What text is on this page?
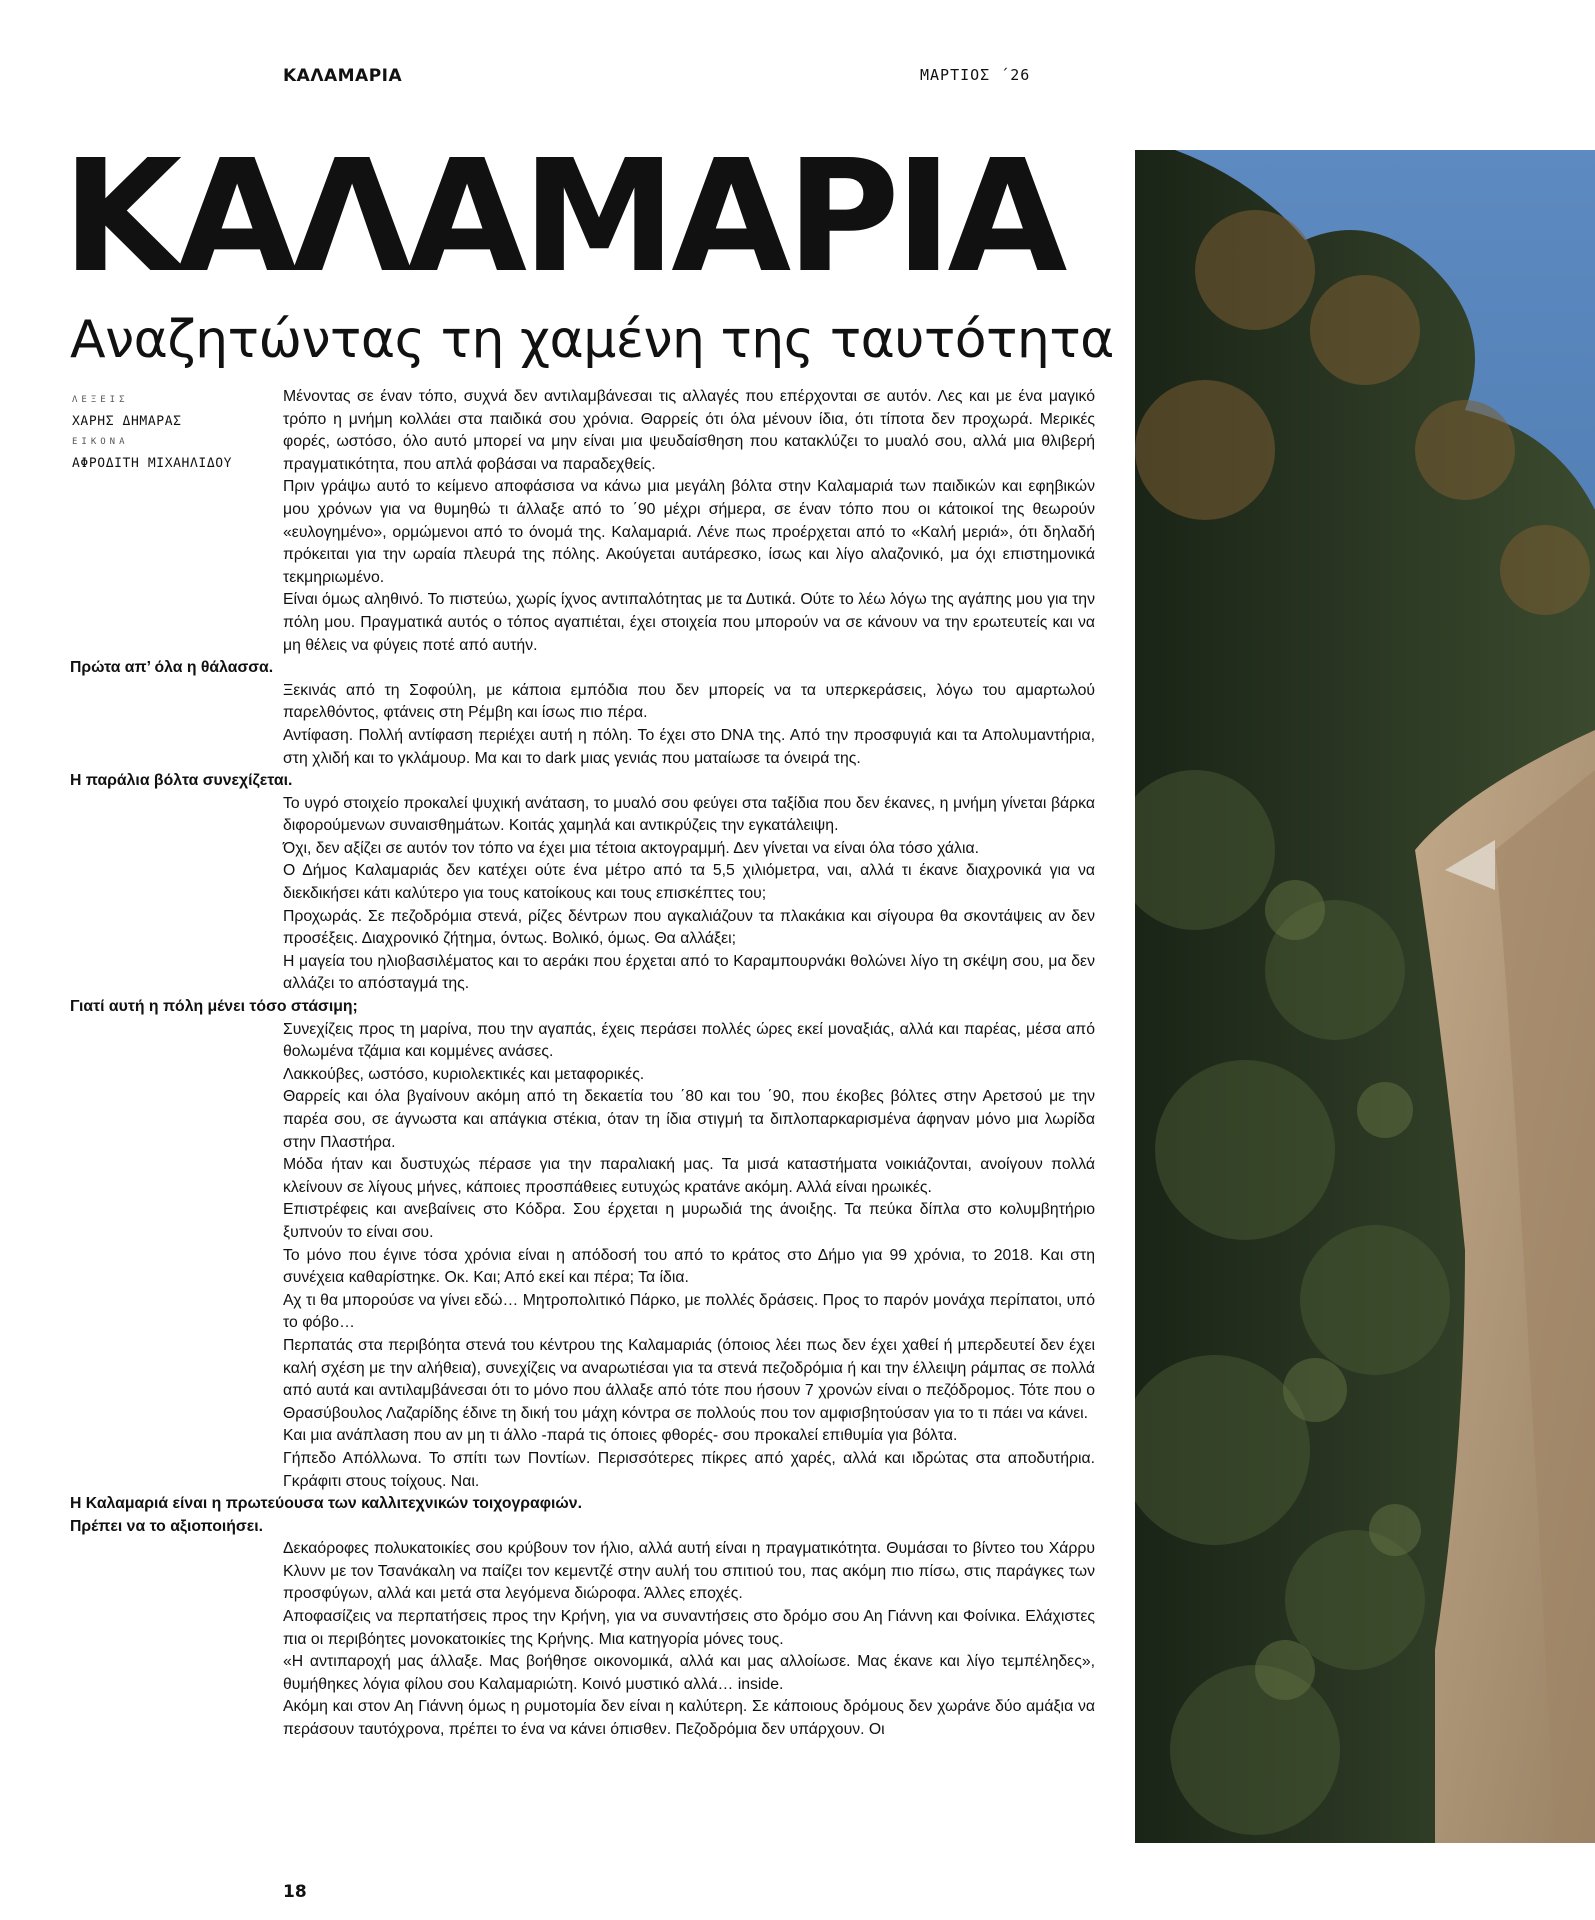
ΚΑΛΑΜΑΡΙΑ	ΜΑΡΤΙΟΣ ΄26
ΚΑΛΑΜΑΡΙΑ
Αναζητώντας τη χαμένη της ταυτότητα
ΛΕΞΕΙΣ
ΧΑΡΗΣ ΔΗΜΑΡΑΣ
ΕΙΚΟΝΑ
ΑΦΡΟΔΙΤΗ ΜΙΧΑΗΛΙΔΟΥ

Μένοντας σε έναν τόπο, συχνά δεν αντιλαμβάνεσαι τις αλλαγές που επέρχονται σε αυτόν. Λες και με ένα μαγικό τρόπο η μνήμη κολλάει στα παιδικά σου χρόνια. Θαρρείς ότι όλα μένουν ίδια, ότι τίποτα δεν προχωρά. Μερικές φορές, ωστόσο, όλο αυτό μπορεί να μην είναι μια ψευδαίσθηση που κατακλύζει το μυαλό σου, αλλά μια θλιβερή πραγματικότητα, που απλά φοβάσαι να παραδεχθείς.

Πριν γράψω αυτό το κείμενο αποφάσισα να κάνω μια μεγάλη βόλτα στην Καλαμαριά των παιδικών και εφηβικών μου χρόνων για να θυμηθώ τι άλλαξε από το ΄90 μέχρι σήμερα, σε έναν τόπο που οι κάτοικοί της θεωρούν «ευλογημένο», ορμώμενοι από το όνομά της. Καλαμαριά. Λένε πως προέρχεται από το «Καλή μεριά», ότι δηλαδή πρόκειται για την ωραία πλευρά της πόλης. Ακούγεται αυτάρεσκο, ίσως και λίγο αλαζονικό, μα όχι επιστημονικά τεκμηριωμένο.

Είναι όμως αληθινό. Το πιστεύω, χωρίς ίχνος αντιπαλότητας με τα Δυτικά. Ούτε το λέω λόγω της αγάπης μου για την πόλη μου. Πραγματικά αυτός ο τόπος αγαπιέται, έχει στοιχεία που μπορούν να σε κάνουν να την ερωτευτείς και να μη θέλεις να φύγεις ποτέ από αυτήν.

Πρώτα απ’ όλα η θάλασσα.

Ξεκινάς από τη Σοφούλη, με κάποια εμπόδια που δεν μπορείς να τα υπερκεράσεις, λόγω του αμαρτωλού παρελθόντος, φτάνεις στη Ρέμβη και ίσως πιο πέρα.

Αντίφαση. Πολλή αντίφαση περιέχει αυτή η πόλη. Το έχει στο DNA της. Από την προσφυγιά και τα Απολυμαντήρια, στη χλιδή και το γκλάμουρ. Μα και το dark μιας γενιάς που ματαίωσε τα όνειρά της.

Η παράλια βόλτα συνεχίζεται.

Το υγρό στοιχείο προκαλεί ψυχική ανάταση, το μυαλό σου φεύγει στα ταξίδια που δεν έκανες, η μνήμη γίνεται βάρκα διφορούμενων συναισθημάτων. Κοιτάς χαμηλά και αντικρύζεις την εγκατάλειψη.

Όχι, δεν αξίζει σε αυτόν τον τόπο να έχει μια τέτοια ακτογραμμή. Δεν γίνεται να είναι όλα τόσο χάλια.

Ο Δήμος Καλαμαριάς δεν κατέχει ούτε ένα μέτρο από τα 5,5 χιλιόμετρα, ναι, αλλά τι έκανε διαχρονικά για να διεκδικήσει κάτι καλύτερο για τους κατοίκους και τους επισκέπτες του;

Προχωράς. Σε πεζοδρόμια στενά, ρίζες δέντρων που αγκαλιάζουν τα πλακάκια και σίγουρα θα σκοντάψεις αν δεν προσέξεις. Διαχρονικό ζήτημα, όντως. Βολικό, όμως. Θα αλλάξει;

Η μαγεία του ηλιοβασιλέματος και το αεράκι που έρχεται από το Καραμπουρνάκι θολώνει λίγο τη σκέψη σου, μα δεν αλλάζει το απόσταγμά της.

Γιατί αυτή η πόλη μένει τόσο στάσιμη;

Συνεχίζεις προς τη μαρίνα, που την αγαπάς, έχεις περάσει πολλές ώρες εκεί μοναξιάς, αλλά και παρέας, μέσα από θολωμένα τζάμια και κομμένες ανάσες.

Λακκούβες, ωστόσο, κυριολεκτικές και μεταφορικές.

Θαρρείς και όλα βγαίνουν ακόμη από τη δεκαετία του ΄80 και του ΄90, που έκοβες βόλτες στην Αρετσού με την παρέα σου, σε άγνωστα και απάγκια στέκια, όταν τη ίδια στιγμή τα διπλοπαρκαρισμένα άφηναν μόνο μια λωρίδα στην Πλαστήρα.

Μόδα ήταν και δυστυχώς πέρασε για την παραλιακή μας. Τα μισά καταστήματα νοικιάζονται, ανοίγουν πολλά κλείνουν σε λίγους μήνες, κάποιες προσπάθειες ευτυχώς κρατάνε ακόμη. Αλλά είναι ηρωικές.

Επιστρέφεις και ανεβαίνεις στο Κόδρα. Σου έρχεται η μυρωδιά της άνοιξης. Τα πεύκα δίπλα στο κολυμβητήριο ξυπνούν το είναι σου.

Το μόνο που έγινε τόσα χρόνια είναι η απόδοσή του από το κράτος στο Δήμο για 99 χρόνια, το 2018. Και στη συνέχεια καθαρίστηκε. Οκ. Και; Από εκεί και πέρα; Τα ίδια.

Αχ τι θα μπορούσε να γίνει εδώ… Μητροπολιτικό Πάρκο, με πολλές δράσεις. Προς το παρόν μονάχα περίπατοι, υπό το φόβο…

Περπατάς στα περιβόητα στενά του κέντρου της Καλαμαριάς (όποιος λέει πως δεν έχει χαθεί ή μπερδευτεί δεν έχει καλή σχέση με την αλήθεια), συνεχίζεις να αναρωτιέσαι για τα στενά πεζοδρόμια ή και την έλλειψη ράμπας σε πολλά από αυτά και αντιλαμβάνεσαι ότι το μόνο που άλλαξε από τότε που ήσουν 7 χρονών είναι ο πεζόδρομος. Τότε που ο Θρασύβουλος Λαζαρίδης έδινε τη δική του μάχη κόντρα σε πολλούς που τον αμφισβητούσαν για το τι πάει να κάνει.

Και μια ανάπλαση που αν μη τι άλλο -παρά τις όποιες φθορές- σου προκαλεί επιθυμία για βόλτα.

Γήπεδο Απόλλωνα. Το σπίτι των Ποντίων. Περισσότερες πίκρες από χαρές, αλλά και ιδρώτας στα αποδυτήρια. Γκράφιτι στους τοίχους. Ναι.

Η Καλαμαριά είναι η πρωτεύουσα των καλλιτεχνικών τοιχογραφιών.
Πρέπει να το αξιοποιήσει.

Δεκαόροφες πολυκατοικίες σου κρύβουν τον ήλιο, αλλά αυτή είναι η πραγματικότητα. Θυμάσαι το βίντεο του Χάρρυ Κλυνν με τον Τσανάκαλη να παίζει τον κεμεντζέ στην αυλή του σπιτιού του, πας ακόμη πιο πίσω, στις παράγκες των προσφύγων, αλλά και μετά στα λεγόμενα διώροφα. Άλλες εποχές.

Αποφασίζεις να περπατήσεις προς την Κρήνη, για να συναντήσεις στο δρόμο σου Αη Γιάννη και Φοίνικα. Ελάχιστες πια οι περιβόητες μονοκατοικίες της Κρήνης. Μια κατηγορία μόνες τους.

«Η αντιπαροχή μας άλλαξε. Μας βοήθησε οικονομικά, αλλά και μας αλλοίωσε. Μας έκανε και λίγο τεμπέληδες», θυμήθηκες λόγια φίλου σου Καλαμαριώτη. Κοινό μυστικό αλλά… inside.

Ακόμη και στον Αη Γιάννη όμως η ρυμοτομία δεν είναι η καλύτερη. Σε κάποιους δρόμους δεν χωράνε δύο αμάξια να περάσουν ταυτόχρονα, πρέπει το ένα να κάνει όπισθεν. Πεζοδρόμια δεν υπάρχουν. Οι

18
